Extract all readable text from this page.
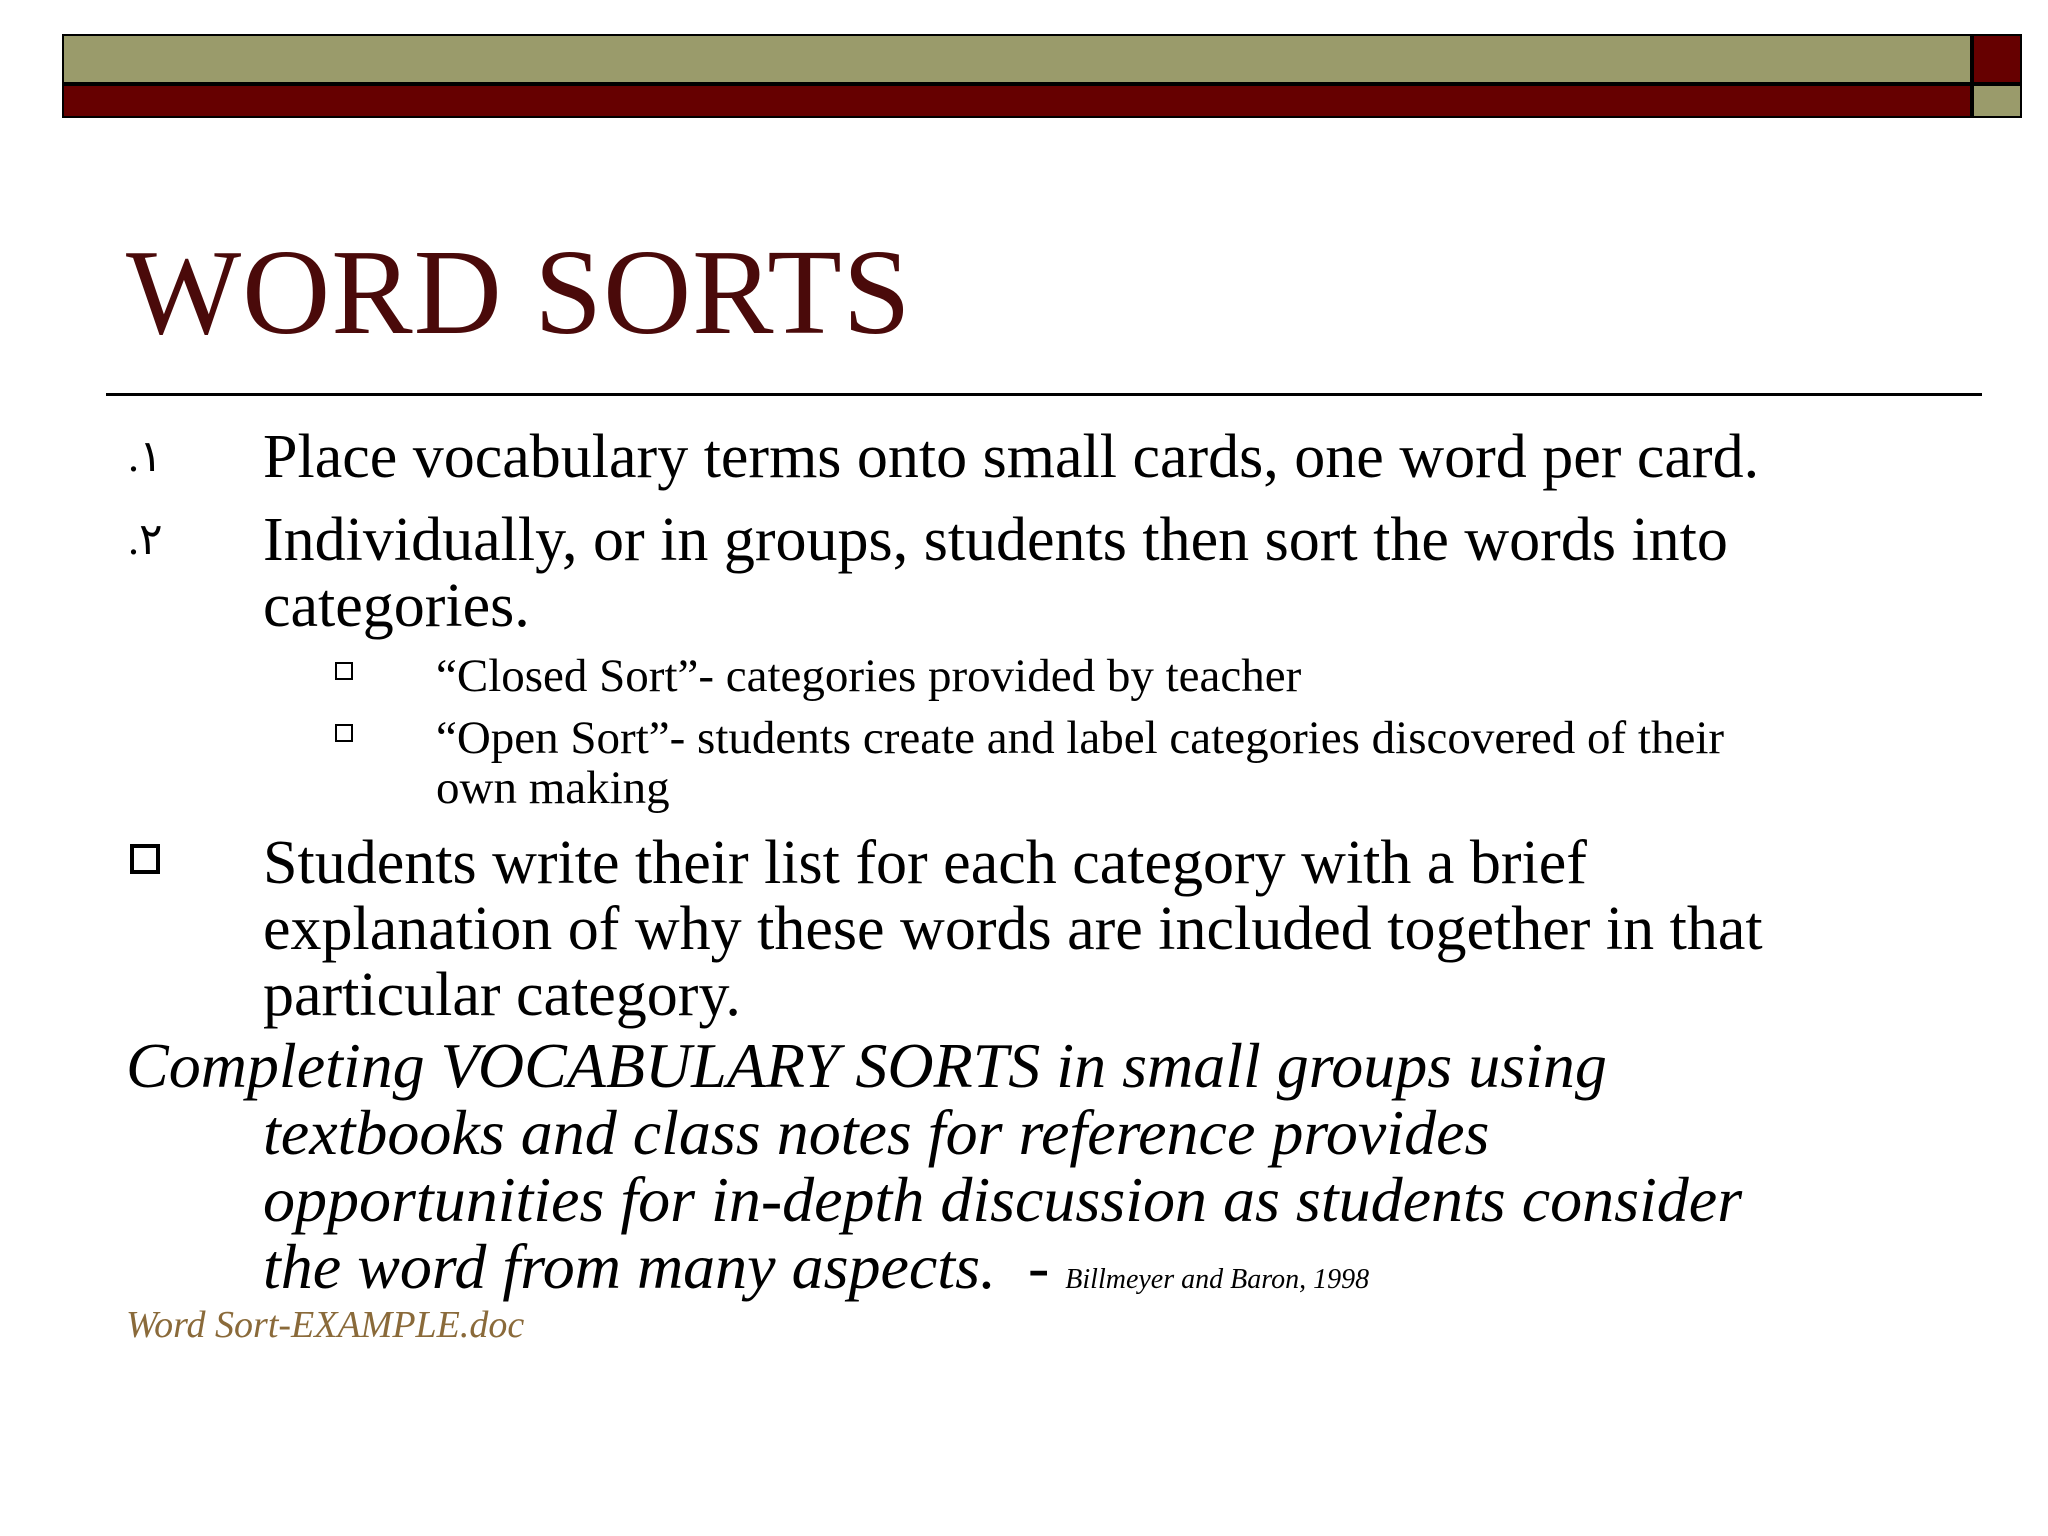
WORD SORTS
١. Place vocabulary terms onto small cards, one word per card.

٢. Individually, or in groups, students then sort the words into

categories.

“Closed Sort”- categories provided by teacher

“Open Sort”- students create and label categories discovered of their

own making

Students write their list for each category with a brief

explanation of why these words are included together in that

particular category.

Completing VOCABULARY SORTS in small groups using

textbooks and class notes for reference provides

opportunities for in-depth discussion as students consider

the word from many aspects.  - Billmeyer and Baron, 1998

Word Sort-EXAMPLE.doc
